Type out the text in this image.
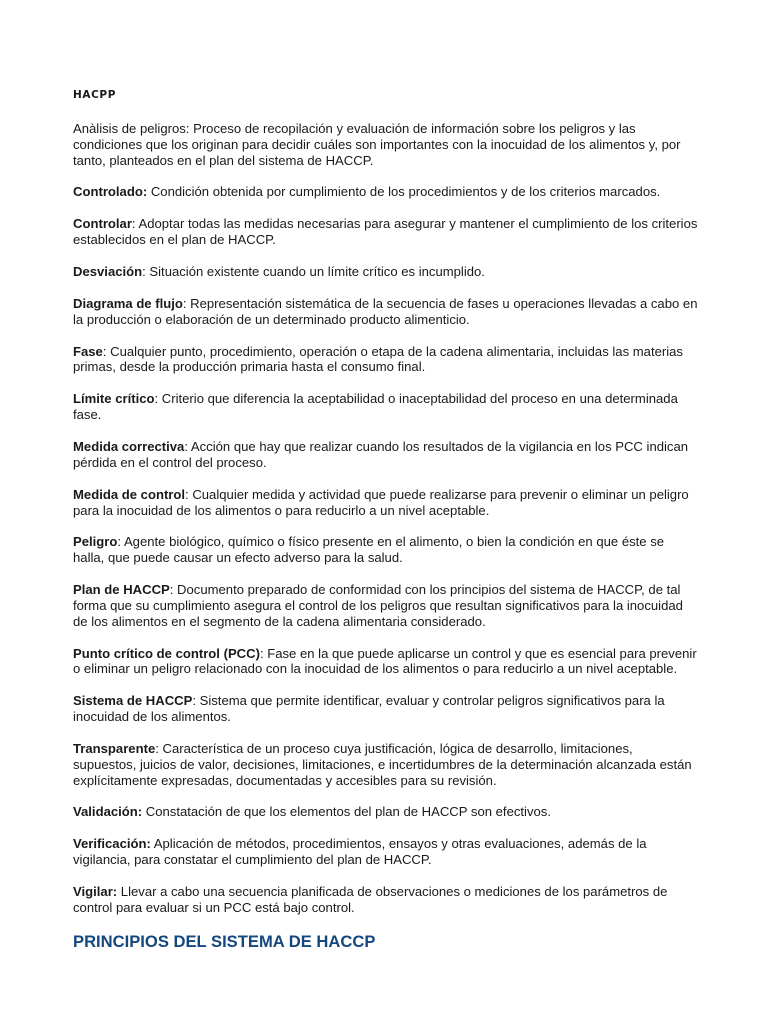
HACPP

Anàlisis de peligros: Proceso de recopilación y evaluación de información sobre los peligros y las condiciones que los originan para decidir cuáles son importantes con la inocuidad de los alimentos y, por tanto, planteados en el plan del sistema de HACCP.

Controlado: Condición obtenida por cumplimiento de los procedimientos y de los criterios marcados.

Controlar: Adoptar todas las medidas necesarias para asegurar y mantener el cumplimiento de los criterios establecidos en el plan de HACCP.

Desviación: Situación existente cuando un límite crítico es incumplido.

Diagrama de flujo: Representación sistemática de la secuencia de fases u operaciones llevadas a cabo en la producción o elaboración de un determinado producto alimenticio.

Fase: Cualquier punto, procedimiento, operación o etapa de la cadena alimentaria, incluidas las materias primas, desde la producción primaria hasta el consumo final.

Límite crítico: Criterio que diferencia la aceptabilidad o inaceptabilidad del proceso en una determinada fase.

Medida correctiva: Acción que hay que realizar cuando los resultados de la vigilancia en los PCC indican pérdida en el control del proceso.

Medida de control: Cualquier medida y actividad que puede realizarse para prevenir o eliminar un peligro para la inocuidad de los alimentos o para reducirlo a un nivel aceptable.

Peligro: Agente biológico, químico o físico presente en el alimento, o bien la condición en que éste se halla, que puede causar un efecto adverso para la salud.

Plan de HACCP: Documento preparado de conformidad con los principios del sistema de HACCP, de tal forma que su cumplimiento asegura el control de los peligros que resultan significativos para la inocuidad de los alimentos en el segmento de la cadena alimentaria considerado.

Punto crítico de control (PCC): Fase en la que puede aplicarse un control y que es esencial para prevenir o eliminar un peligro relacionado con la inocuidad de los alimentos o para reducirlo a un nivel aceptable.

Sistema de HACCP: Sistema que permite identificar, evaluar y controlar peligros significativos para la inocuidad de los alimentos.

Transparente: Característica de un proceso cuya justificación, lógica de desarrollo, limitaciones, supuestos, juicios de valor, decisiones, limitaciones, e incertidumbres de la determinación alcanzada están explícitamente expresadas, documentadas y accesibles para su revisión.

Validación: Constatación de que los elementos del plan de HACCP son efectivos.

Verificación: Aplicación de métodos, procedimientos, ensayos y otras evaluaciones, además de la vigilancia, para constatar el cumplimiento del plan de HACCP.

Vigilar: Llevar a cabo una secuencia planificada de observaciones o mediciones de los parámetros de control para evaluar si un PCC está bajo control.

PRINCIPIOS DEL SISTEMA DE HACCP
